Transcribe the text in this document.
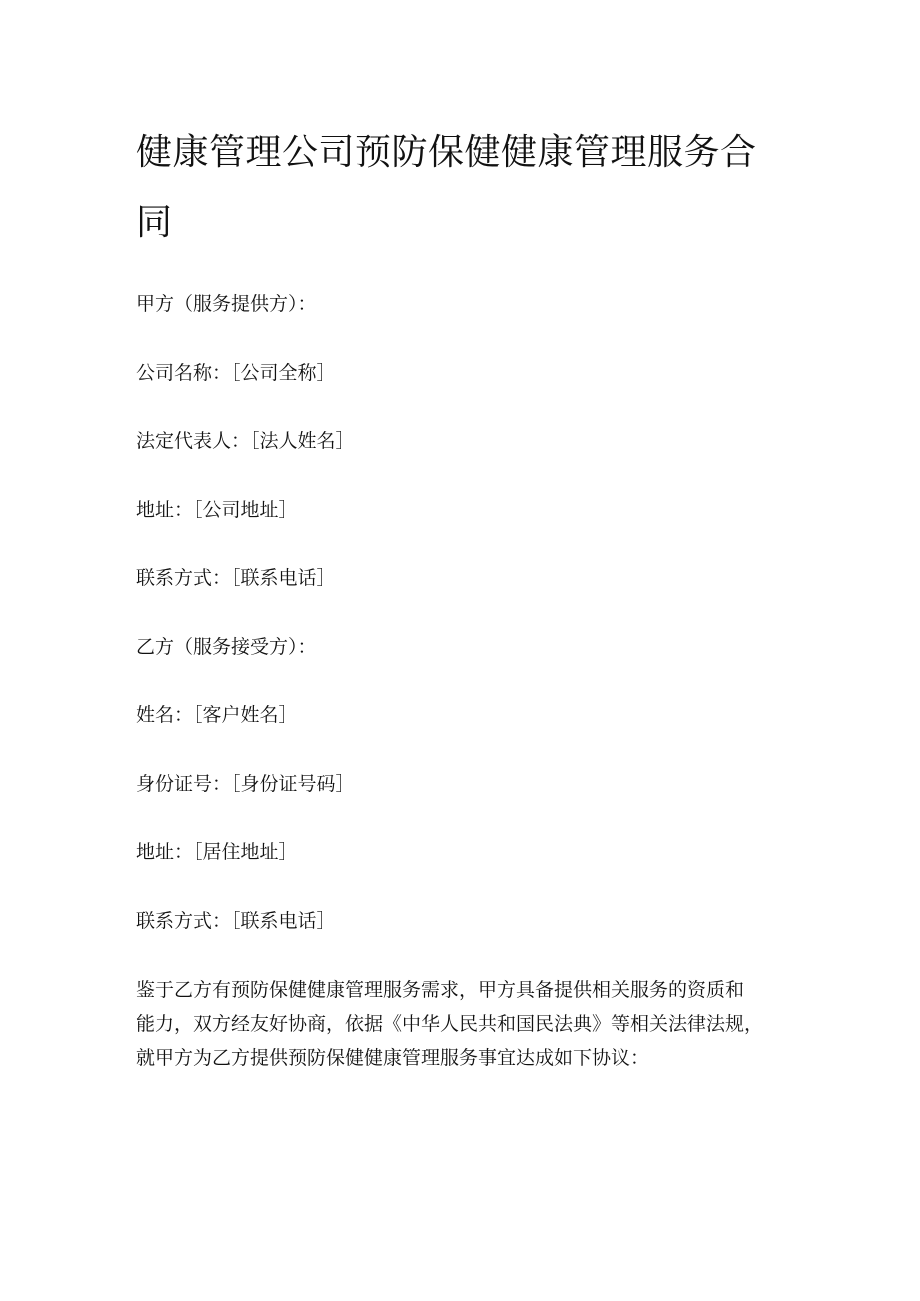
健康管理公司预防保健健康管理服务合同

甲方（服务提供方）：

公司名称：［公司全称］

法定代表人：［法人姓名］

地址：［公司地址］

联系方式：［联系电话］

乙方（服务接受方）：

姓名：［客户姓名］

身份证号：［身份证号码］

地址：［居住地址］

联系方式：［联系电话］

鉴于乙方有预防保健健康管理服务需求，甲方具备提供相关服务的资质和
能力，双方经友好协商，依据《中华人民共和国民法典》等相关法律法规，
就甲方为乙方提供预防保健健康管理服务事宜达成如下协议：
